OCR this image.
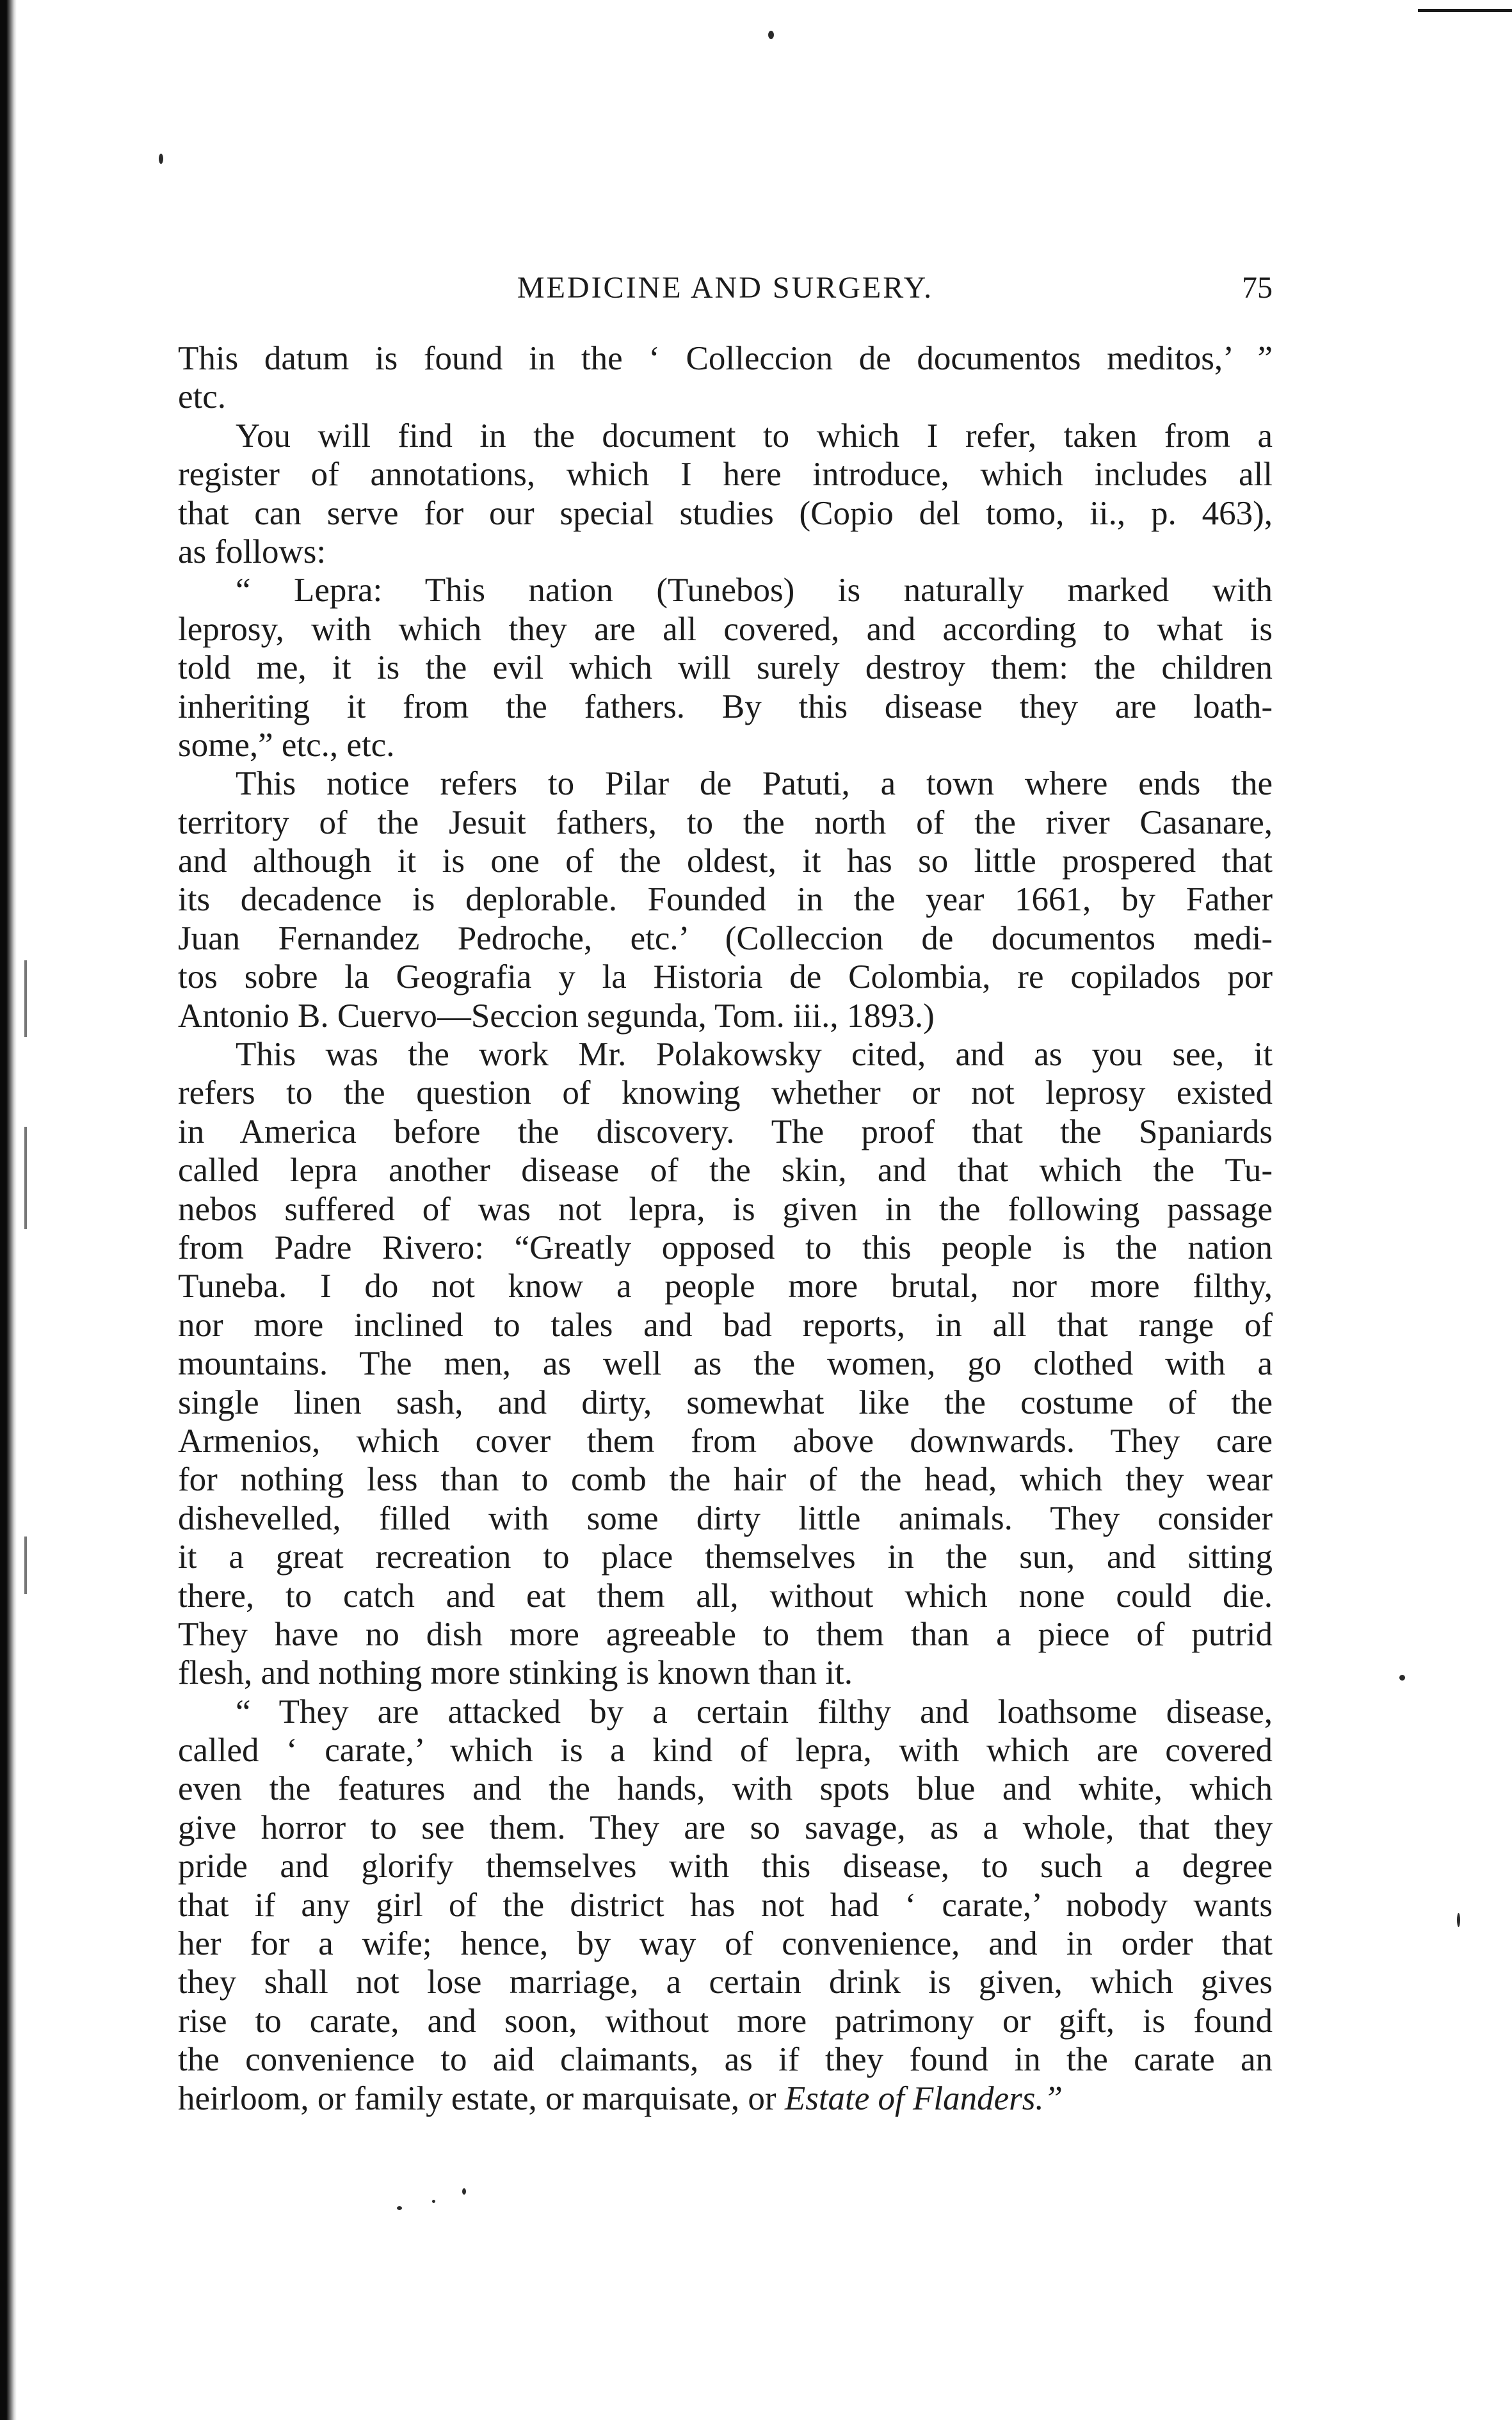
MEDICINE AND SURGERY.	75
This datum is found in the ‘ Colleccion de documentos meditos,’ ”
etc.
You will find in the document to which I refer, taken from a
register of annotations, which I here introduce, which includes all
that can serve for our special studies (Copio del tomo, ii., p. 463),
as follows:
“ Lepra: This nation (Tunebos) is naturally marked with
leprosy, with which they are all covered, and according to what is
told me, it is the evil which will surely destroy them: the children
inheriting it from the fathers. By this disease they are loath-
some,” etc., etc.
This notice refers to Pilar de Patuti, a town where ends the
territory of the Jesuit fathers, to the north of the river Casanare,
and although it is one of the oldest, it has so little prospered that
its decadence is deplorable. Founded in the year 1661, by Father
Juan Fernandez Pedroche, etc.’ (Colleccion de documentos medi-
tos sobre la Geografia y la Historia de Colombia, re copilados por
Antonio B. Cuervo—Seccion segunda, Tom. iii., 1893.)
This was the work Mr. Polakowsky cited, and as you see, it
refers to the question of knowing whether or not leprosy existed
in America before the discovery. The proof that the Spaniards
called lepra another disease of the skin, and that which the Tu-
nebos suffered of was not lepra, is given in the following passage
from Padre Rivero: “Greatly opposed to this people is the nation
Tuneba. I do not know a people more brutal, nor more filthy,
nor more inclined to tales and bad reports, in all that range of
mountains. The men, as well as the women, go clothed with a
single linen sash, and dirty, somewhat like the costume of the
Armenios, which cover them from above downwards. They care
for nothing less than to comb the hair of the head, which they wear
dishevelled, filled with some dirty little animals. They consider
it a great recreation to place themselves in the sun, and sitting
there, to catch and eat them all, without which none could die.
They have no dish more agreeable to them than a piece of putrid
flesh, and nothing more stinking is known than it.
“ They are attacked by a certain filthy and loathsome disease,
called ‘ carate,’ which is a kind of lepra, with which are covered
even the features and the hands, with spots blue and white, which
give horror to see them. They are so savage, as a whole, that they
pride and glorify themselves with this disease, to such a degree
that if any girl of the district has not had ‘ carate,’ nobody wants
her for a wife; hence, by way of convenience, and in order that
they shall not lose marriage, a certain drink is given, which gives
rise to carate, and soon, without more patrimony or gift, is found
the convenience to aid claimants, as if they found in the carate an
heirloom, or family estate, or marquisate, or Estate of Flanders.”
